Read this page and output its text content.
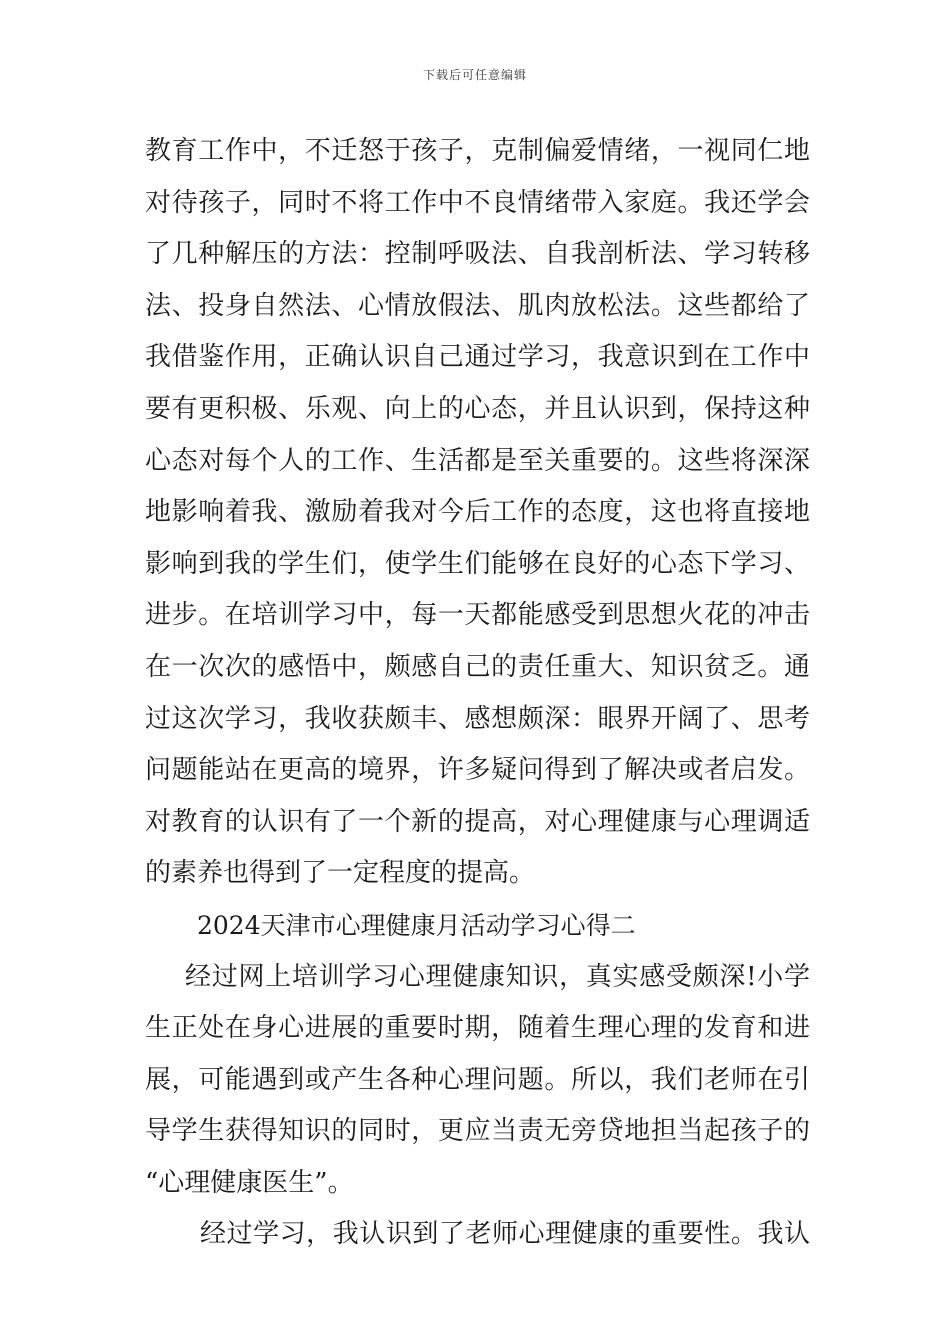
下载后可任意编辑
教育工作中，不迁怒于孩子，克制偏爱情绪，一视同仁地
对待孩子，同时不将工作中不良情绪带入家庭。我还学会
了几种解压的方法：控制呼吸法、自我剖析法、学习转移
法、投身自然法、心情放假法、肌肉放松法。这些都给了
我借鉴作用，正确认识自己通过学习，我意识到在工作中
要有更积极、乐观、向上的心态，并且认识到，保持这种
心态对每个人的工作、生活都是至关重要的。这些将深深
地影响着我、激励着我对今后工作的态度，这也将直接地
影响到我的学生们，使学生们能够在良好的心态下学习、
进步。在培训学习中，每一天都能感受到思想火花的冲击
在一次次的感悟中，颇感自己的责任重大、知识贫乏。通
过这次学习，我收获颇丰、感想颇深：眼界开阔了、思考
问题能站在更高的境界，许多疑问得到了解决或者启发。
对教育的认识有了一个新的提高，对心理健康与心理调适
的素养也得到了一定程度的提高。
2024天津市心理健康月活动学习心得二
经过网上培训学习心理健康知识，真实感受颇深!小学
生正处在身心进展的重要时期，随着生理心理的发育和进
展，可能遇到或产生各种心理问题。所以，我们老师在引
导学生获得知识的同时，更应当责无旁贷地担当起孩子的
“心理健康医生”。
经过学习，我认识到了老师心理健康的重要性。我认
